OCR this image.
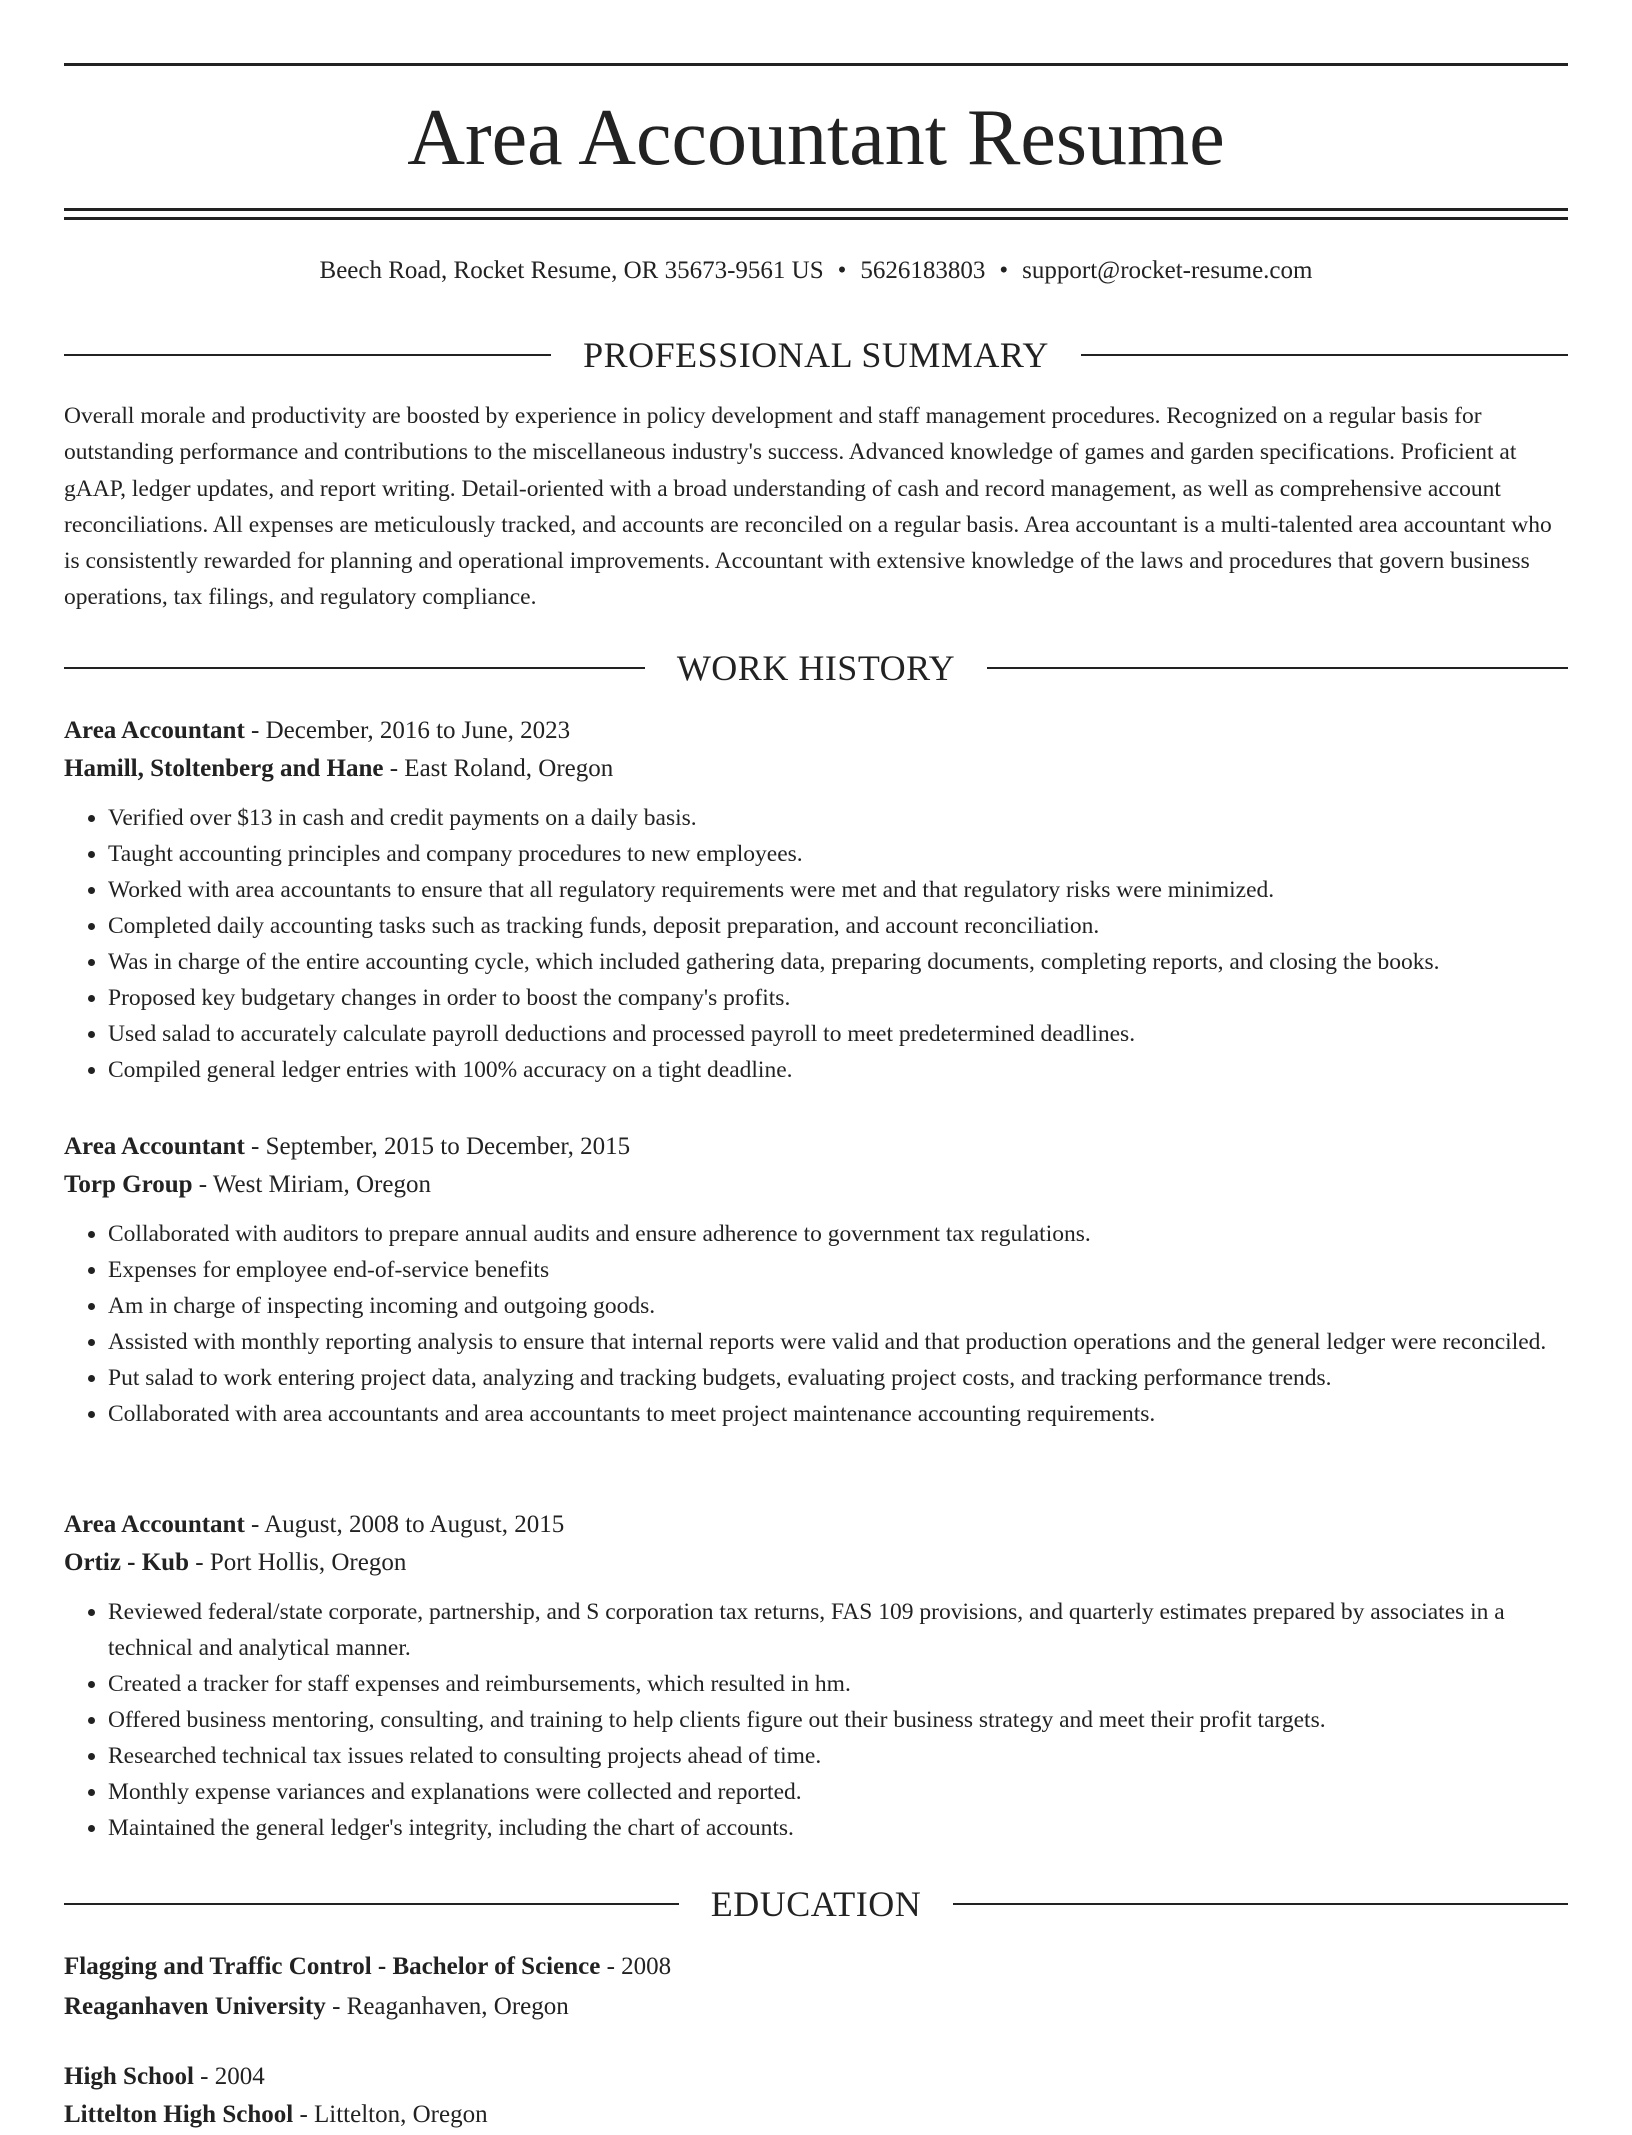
Area Accountant Resume
Beech Road, Rocket Resume, OR 35673-9561 US • 5626183803 • support@rocket-resume.com
PROFESSIONAL SUMMARY

Overall morale and productivity are boosted by experience in policy development and staff management procedures. Recognized on a regular basis for outstanding performance and contributions to the miscellaneous industry's success. Advanced knowledge of games and garden specifications. Proficient at gAAP, ledger updates, and report writing. Detail-oriented with a broad understanding of cash and record management, as well as comprehensive account reconciliations. All expenses are meticulously tracked, and accounts are reconciled on a regular basis. Area accountant is a multi-talented area accountant who is consistently rewarded for planning and operational improvements. Accountant with extensive knowledge of the laws and procedures that govern business operations, tax filings, and regulatory compliance.

WORK HISTORY
Area Accountant - December, 2016 to June, 2023
Hamill, Stoltenberg and Hane - East Roland, Oregon
• Verified over $13 in cash and credit payments on a daily basis.
• Taught accounting principles and company procedures to new employees.
• Worked with area accountants to ensure that all regulatory requirements were met and that regulatory risks were minimized.
• Completed daily accounting tasks such as tracking funds, deposit preparation, and account reconciliation.
• Was in charge of the entire accounting cycle, which included gathering data, preparing documents, completing reports, and closing the books.
• Proposed key budgetary changes in order to boost the company's profits.
• Used salad to accurately calculate payroll deductions and processed payroll to meet predetermined deadlines.
• Compiled general ledger entries with 100% accuracy on a tight deadline.
Area Accountant - September, 2015 to December, 2015
Torp Group - West Miriam, Oregon
• Collaborated with auditors to prepare annual audits and ensure adherence to government tax regulations.
• Expenses for employee end-of-service benefits
• Am in charge of inspecting incoming and outgoing goods.
• Assisted with monthly reporting analysis to ensure that internal reports were valid and that production operations and the general ledger were reconciled.
• Put salad to work entering project data, analyzing and tracking budgets, evaluating project costs, and tracking performance trends.
• Collaborated with area accountants and area accountants to meet project maintenance accounting requirements.
Area Accountant - August, 2008 to August, 2015
Ortiz - Kub - Port Hollis, Oregon
• Reviewed federal/state corporate, partnership, and S corporation tax returns, FAS 109 provisions, and quarterly estimates prepared by associates in a technical and analytical manner.
• Created a tracker for staff expenses and reimbursements, which resulted in hm.
• Offered business mentoring, consulting, and training to help clients figure out their business strategy and meet their profit targets.
• Researched technical tax issues related to consulting projects ahead of time.
• Monthly expense variances and explanations were collected and reported.
• Maintained the general ledger's integrity, including the chart of accounts.
EDUCATION
Flagging and Traffic Control - Bachelor of Science - 2008
Reaganhaven University - Reaganhaven, Oregon
High School - 2004
Littelton High School - Littelton, Oregon
